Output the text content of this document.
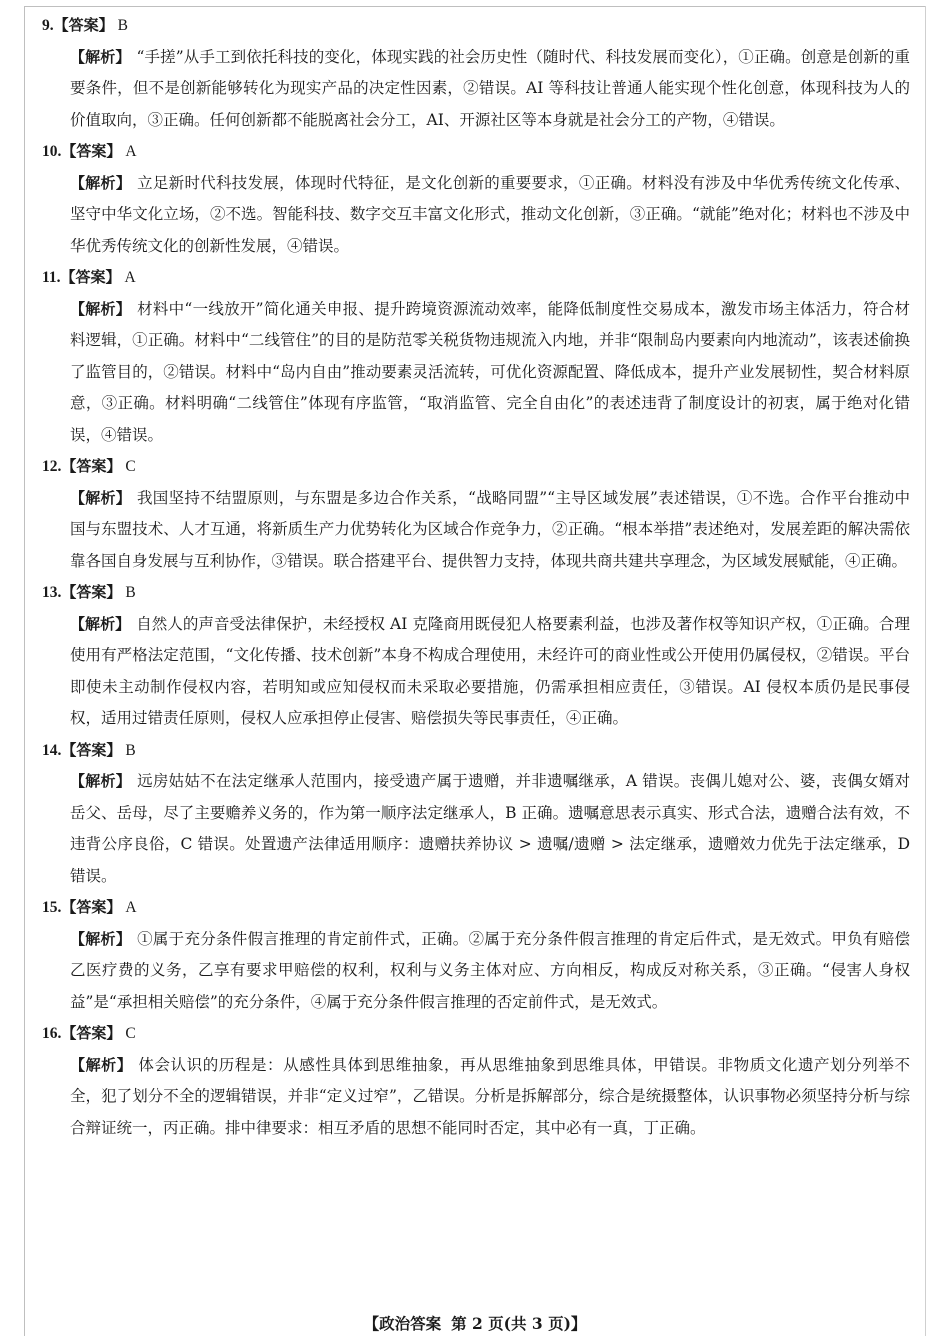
9.【答案】 B

【解析】 “手搓”从手工到依托科技的变化，体现实践的社会历史性（随时代、科技发展而变化），①正确。创意是创新的重要条件，但不是创新能够转化为现实产品的决定性因素，②错误。AI 等科技让普通人能实现个性化创意，体现科技为人的价值取向，③正确。任何创新都不能脱离社会分工，AI、开源社区等本身就是社会分工的产物，④错误。

10.【答案】 A

【解析】 立足新时代科技发展，体现时代特征，是文化创新的重要要求，①正确。材料没有涉及中华优秀传统文化传承、坚守中华文化立场，②不选。智能科技、数字交互丰富文化形式，推动文化创新，③正确。“就能”绝对化；材料也不涉及中华优秀传统文化的创新性发展，④错误。

11.【答案】 A

【解析】 材料中“一线放开”简化通关申报、提升跨境资源流动效率，能降低制度性交易成本，激发市场主体活力，符合材料逻辑，①正确。材料中“二线管住”的目的是防范零关税货物违规流入内地，并非“限制岛内要素向内地流动”，该表述偷换了监管目的，②错误。材料中“岛内自由”推动要素灵活流转，可优化资源配置、降低成本，提升产业发展韧性，契合材料原意，③正确。材料明确“二线管住”体现有序监管，“取消监管、完全自由化”的表述违背了制度设计的初衷，属于绝对化错误，④错误。

12.【答案】 C

【解析】 我国坚持不结盟原则，与东盟是多边合作关系，“战略同盟”“主导区域发展”表述错误，①不选。合作平台推动中国与东盟技术、人才互通，将新质生产力优势转化为区域合作竞争力，②正确。“根本举措”表述绝对，发展差距的解决需依靠各国自身发展与互利协作，③错误。联合搭建平台、提供智力支持，体现共商共建共享理念，为区域发展赋能，④正确。

13.【答案】 B

【解析】 自然人的声音受法律保护，未经授权 AI 克隆商用既侵犯人格要素利益，也涉及著作权等知识产权，①正确。合理使用有严格法定范围，“文化传播、技术创新”本身不构成合理使用，未经许可的商业性或公开使用仍属侵权，②错误。平台即使未主动制作侵权内容，若明知或应知侵权而未采取必要措施，仍需承担相应责任，③错误。AI 侵权本质仍是民事侵权，适用过错责任原则，侵权人应承担停止侵害、赔偿损失等民事责任，④正确。

14.【答案】 B

【解析】 远房姑姑不在法定继承人范围内，接受遗产属于遗赠，并非遗嘱继承，A 错误。丧偶儿媳对公、婆，丧偶女婿对岳父、岳母，尽了主要赡养义务的，作为第一顺序法定继承人，B 正确。遗嘱意思表示真实、形式合法，遗赠合法有效，不违背公序良俗，C 错误。处置遗产法律适用顺序：遗赠扶养协议 > 遗嘱/遗赠 > 法定继承，遗赠效力优先于法定继承，D 错误。

15.【答案】 A

【解析】 ①属于充分条件假言推理的肯定前件式，正确。②属于充分条件假言推理的肯定后件式，是无效式。甲负有赔偿乙医疗费的义务，乙享有要求甲赔偿的权利，权利与义务主体对应、方向相反，构成反对称关系，③正确。“侵害人身权益”是“承担相关赔偿”的充分条件，④属于充分条件假言推理的否定前件式，是无效式。

16.【答案】 C

【解析】 体会认识的历程是：从感性具体到思维抽象，再从思维抽象到思维具体，甲错误。非物质文化遗产划分列举不全，犯了划分不全的逻辑错误，并非“定义过窄”，乙错误。分析是拆解部分，综合是统摄整体，认识事物必须坚持分析与综合辩证统一，丙正确。排中律要求：相互矛盾的思想不能同时否定，其中必有一真，丁正确。

【政治答案 第 2 页(共 3 页)】
